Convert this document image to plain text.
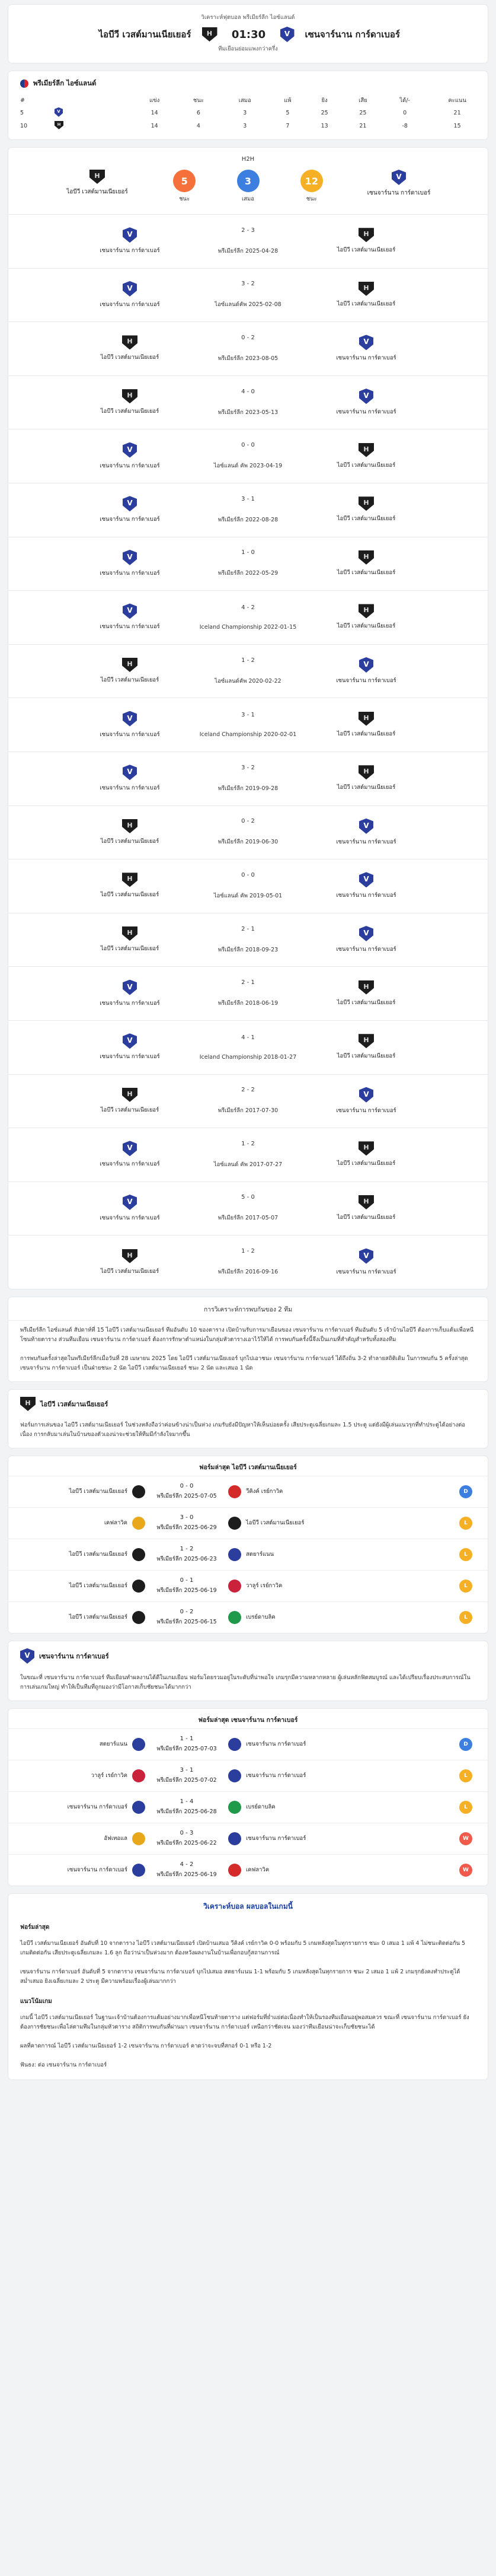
วิเคราะห์ฟุตบอล พรีเมียร์ลีก ไอซ์แลนด์
ไอบีวี เวสต์มานเนียเยอร์ H	01:30 V	เซนจาร์นาน การ์ดาเบอร์
ทีมเยือนย่อมแพงกว่าครึ่ง
พรีเมียร์ลีก ไอซ์แลนด์
#		แข่ง	ชนะ	เสมอ	แพ้	ยิง	เสีย	ได้/-	คะแนน
5	V	14	6	3	5	25	25	0	21
10	H	14	4	3	7	13	21	-8	15
H2H
H
ไอบีวี เวสต์มานเนียเยอร์
5
ชนะ
3
เสมอ
12
ชนะ
V
เซนจาร์นาน การ์ดาเบอร์
V
เซนจาร์นาน การ์ดาเบอร์
2 - 3
พรีเมียร์ลีก 2025-04-28
H	ไอบีวี เวสต์มานเนียเยอร์
V
เซนจาร์นาน การ์ดาเบอร์
3 - 2
ไอซ์แลนด์คัพ 2025-02-08
H	ไอบีวี เวสต์มานเนียเยอร์
H
ไอบีวี เวสต์มานเนียเยอร์
0 - 2
พรีเมียร์ลีก 2023-08-05
V	เซนจาร์นาน การ์ดาเบอร์
H
ไอบีวี เวสต์มานเนียเยอร์
4 - 0
พรีเมียร์ลีก 2023-05-13
V	เซนจาร์นาน การ์ดาเบอร์
V
เซนจาร์นาน การ์ดาเบอร์
0 - 0
ไอซ์แลนด์ คัพ 2023-04-19
H	ไอบีวี เวสต์มานเนียเยอร์
V
เซนจาร์นาน การ์ดาเบอร์
3 - 1
พรีเมียร์ลีก 2022-08-28
H	ไอบีวี เวสต์มานเนียเยอร์
V
เซนจาร์นาน การ์ดาเบอร์
1 - 0
พรีเมียร์ลีก 2022-05-29
H	ไอบีวี เวสต์มานเนียเยอร์
V
เซนจาร์นาน การ์ดาเบอร์
4 - 2
Iceland Championship 2022-01-15
H	ไอบีวี เวสต์มานเนียเยอร์
H
ไอบีวี เวสต์มานเนียเยอร์
1 - 2
ไอซ์แลนด์คัพ 2020-02-22
V	เซนจาร์นาน การ์ดาเบอร์
V
เซนจาร์นาน การ์ดาเบอร์
3 - 1
Iceland Championship 2020-02-01
H	ไอบีวี เวสต์มานเนียเยอร์
V
เซนจาร์นาน การ์ดาเบอร์
3 - 2
พรีเมียร์ลีก 2019-09-28
H	ไอบีวี เวสต์มานเนียเยอร์
H
ไอบีวี เวสต์มานเนียเยอร์
0 - 2
พรีเมียร์ลีก 2019-06-30
V	เซนจาร์นาน การ์ดาเบอร์
H
ไอบีวี เวสต์มานเนียเยอร์
0 - 0
ไอซ์แลนด์ คัพ 2019-05-01
V	เซนจาร์นาน การ์ดาเบอร์
H
ไอบีวี เวสต์มานเนียเยอร์
2 - 1
พรีเมียร์ลีก 2018-09-23
V	เซนจาร์นาน การ์ดาเบอร์
V
เซนจาร์นาน การ์ดาเบอร์
2 - 1
พรีเมียร์ลีก 2018-06-19
H	ไอบีวี เวสต์มานเนียเยอร์
V
เซนจาร์นาน การ์ดาเบอร์
4 - 1
Iceland Championship 2018-01-27
H	ไอบีวี เวสต์มานเนียเยอร์
H
ไอบีวี เวสต์มานเนียเยอร์
2 - 2
พรีเมียร์ลีก 2017-07-30
V	เซนจาร์นาน การ์ดาเบอร์
V
เซนจาร์นาน การ์ดาเบอร์
1 - 2
ไอซ์แลนด์ คัพ 2017-07-27
H	ไอบีวี เวสต์มานเนียเยอร์
V
เซนจาร์นาน การ์ดาเบอร์
5 - 0
พรีเมียร์ลีก 2017-05-07
H	ไอบีวี เวสต์มานเนียเยอร์
H
ไอบีวี เวสต์มานเนียเยอร์
1 - 2
พรีเมียร์ลีก 2016-09-16
V	เซนจาร์นาน การ์ดาเบอร์
การวิเคราะห์การพบกันของ 2 ทีม

พรีเมียร์ลีก ไอซ์แลนด์ สัปดาห์ที่ 15 ไอบีวี เวสต์มานเนียเยอร์ ทีมอันดับ 10 ของตาราง เปิดบ้านรับการมาเยือนของ เซนจาร์นาน การ์ดาเบอร์ ทีมอันดับ 5 เจ้าบ้านไอบีวี ต้องการเก็บแต้มเพื่อหนีโซนท้ายตาราง ส่วนทีมเยือน เซนจาร์นาน การ์ดาเบอร์ ต้องการรักษาตำแหน่งในกลุ่มหัวตารางเอาไว้ให้ได้ การพบกันครั้งนี้จึงเป็นเกมที่สำคัญสำหรับทั้งสองทีม

การพบกันครั้งล่าสุดในพรีเมียร์ลีกเมื่อวันที่ 28 เมษายน 2025 โดย ไอบีวี เวสต์มานเนียเยอร์ บุกไปเอาชนะ เซนจาร์นาน การ์ดาเบอร์ ได้ถึงถิ่น 3-2 ทำลายสถิติเดิม ในการพบกัน 5 ครั้งล่าสุด เซนจาร์นาน การ์ดาเบอร์ เป็นฝ่ายชนะ 2 นัด ไอบีวี เวสต์มานเนียเยอร์ ชนะ 2 นัด และเสมอ 1 นัด

H
ไอบีวี เวสต์มานเนียเยอร์

ฟอร์มการเล่นของ ไอบีวี เวสต์มานเนียเยอร์ ในช่วงหลังถือว่าค่อนข้างน่าเป็นห่วง เกมรับยังมีปัญหาให้เห็นบ่อยครั้ง เสียประตูเฉลี่ยเกมละ 1.5 ประตู แต่ยังมีผู้เล่นแนวรุกที่ทำประตูได้อย่างต่อเนื่อง การกลับมาเล่นในบ้านของตัวเองน่าจะช่วยให้ทีมมีกำลังใจมากขึ้น

ฟอร์มล่าสุด ไอบีวี เวสต์มานเนียเยอร์
ไอบีวี เวสต์มานเนียเยอร์
0 - 0
พรีเมียร์ลีก 2025-07-05
วีคิงค์ เรย์กาวิค	D
เคฟลาวิค
3 - 0
พรีเมียร์ลีก 2025-06-29
ไอบีวี เวสต์มานเนียเยอร์	L
ไอบีวี เวสต์มานเนียเยอร์
1 - 2
พรีเมียร์ลีก 2025-06-23
สตยาร์แนน	L
ไอบีวี เวสต์มานเนียเยอร์
0 - 1
พรีเมียร์ลีก 2025-06-19
วาลูร์ เรย์กาวิค	L
ไอบีวี เวสต์มานเนียเยอร์
0 - 2
พรีเมียร์ลีก 2025-06-15
เบรย์ดาบลิค	L
V
เซนจาร์นาน การ์ดาเบอร์

ในขณะที่ เซนจาร์นาน การ์ดาเบอร์ ทีมเยือนทำผลงานได้ดีในเกมเยือน ฟอร์มโดยรวมอยู่ในระดับที่น่าพอใจ เกมรุกมีความหลากหลาย ผู้เล่นหลักฟิตสมบูรณ์ และได้เปรียบเรื่องประสบการณ์ในการเล่นเกมใหญ่ ทำให้เป็นทีมที่ถูกมองว่ามีโอกาสเก็บชัยชนะได้มากกว่า

ฟอร์มล่าสุด เซนจาร์นาน การ์ดาเบอร์
สตยาร์แนน
1 - 1
พรีเมียร์ลีก 2025-07-03
เซนจาร์นาน การ์ดาเบอร์	D
วาลูร์ เรย์กาวิค
3 - 1
พรีเมียร์ลีก 2025-07-02
เซนจาร์นาน การ์ดาเบอร์	L
เซนจาร์นาน การ์ดาเบอร์
1 - 4
พรีเมียร์ลีก 2025-06-28
เบรย์ดาบลิค	L
อัฟเทอแล
0 - 3
พรีเมียร์ลีก 2025-06-22
เซนจาร์นาน การ์ดาเบอร์	W
เซนจาร์นาน การ์ดาเบอร์
4 - 2
พรีเมียร์ลีก 2025-06-19
เคฟลาวิค	W
วิเคราะห์บอล ผลบอลในเกมนี้
ฟอร์มล่าสุด

ไอบีวี เวสต์มานเนียเยอร์ อันดับที่ 10 จากตาราง ไอบีวี เวสต์มานเนียเยอร์ เปิดบ้านเสมอ วีคิงค์ เรย์กาวิค 0-0 พร้อมกับ 5 เกมหลังสุดในทุกรายการ ชนะ 0 เสมอ 1 แพ้ 4 ไม่ชนะติดต่อกัน 5 เกมติดต่อกัน เสียประตูเฉลี่ยเกมละ 1.6 ลูก ถือว่าน่าเป็นห่วงมาก ต้องหวังผลงานในบ้านเพื่อกอบกู้สถานการณ์

เซนจาร์นาน การ์ดาเบอร์ อันดับที่ 5 จากตาราง เซนจาร์นาน การ์ดาเบอร์ บุกไปเสมอ สตยาร์แนน 1-1 พร้อมกับ 5 เกมหลังสุดในทุกรายการ ชนะ 2 เสมอ 1 แพ้ 2 เกมรุกยังคงทำประตูได้สม่ำเสมอ ยิงเฉลี่ยเกมละ 2 ประตู มีความพร้อมเรื่องผู้เล่นมากกว่า

แนวโน้มเกม

เกมนี้ ไอบีวี เวสต์มานเนียเยอร์ ในฐานะเจ้าบ้านต้องการแต้มอย่างมากเพื่อหนีโซนท้ายตาราง แต่ฟอร์มที่ย่ำแย่ต่อเนื่องทำให้เป็นรองทีมเยือนอยู่พอสมควร ขณะที่ เซนจาร์นาน การ์ดาเบอร์ ยังต้องการชัยชนะเพื่อไล่ตามทีมในกลุ่มหัวตาราง สถิติการพบกันที่ผ่านมา เซนจาร์นาน การ์ดาเบอร์ เหนือกว่าชัดเจน มองว่าทีมเยือนน่าจะเก็บชัยชนะได้

ผลที่คาดการณ์ ไอบีวี เวสต์มานเนียเยอร์ 1-2 เซนจาร์นาน การ์ดาเบอร์ คาดว่าจะจบที่สกอร์ 0-1 หรือ 1-2

ฟันธง: ต่อ เซนจาร์นาน การ์ดาเบอร์
